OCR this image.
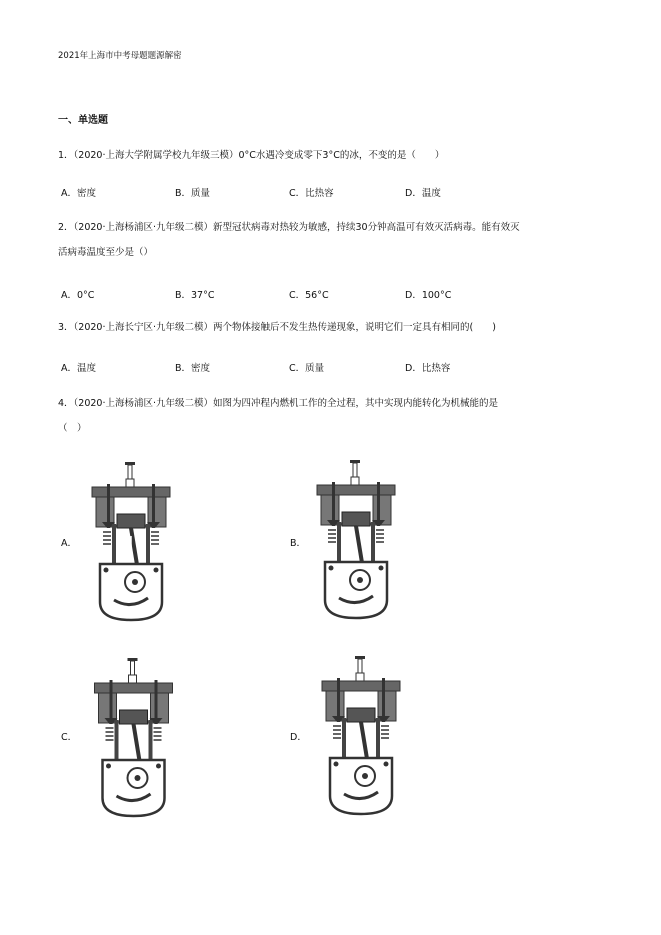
2021年上海市中考母题题源解密
一、单选题
1．（2020·上海大学附属学校九年级三模）0°C水遇冷变成零下3°C的冰，不变的是（　　）
A．密度	B．质量	C．比热容	D．温度
2．（2020·上海杨浦区·九年级二模）新型冠状病毒对热较为敏感，持续30分钟高温可有效灭活病毒。能有效灭
活病毒温度至少是（）
A．0°C	B．37°C	C．56°C	D．100°C
3．（2020·上海长宁区·九年级二模）两个物体接触后不发生热传递现象，说明它们一定具有相同的(　　)
A．温度	B．密度	C．质量	D．比热容
4．（2020·上海杨浦区·九年级二模）如图为四冲程内燃机工作的全过程，其中实现内能转化为机械能的是
（　）
A．	B．
C．	D．
